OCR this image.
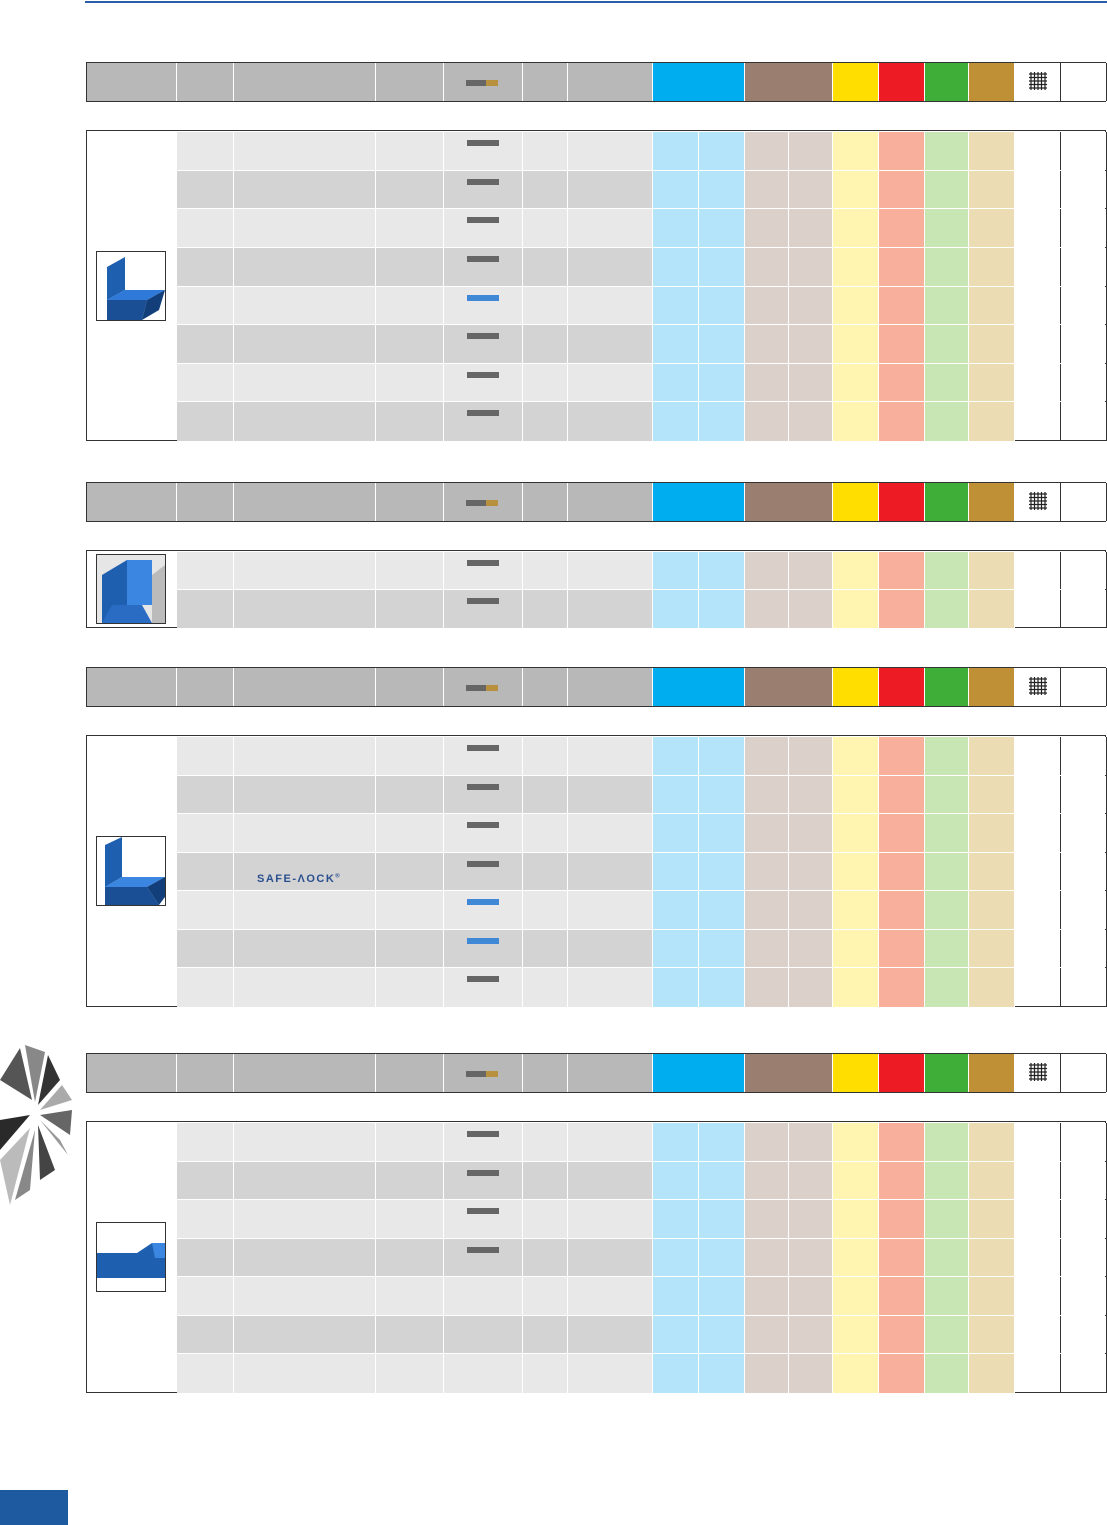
SAFE-ΛOCK®
